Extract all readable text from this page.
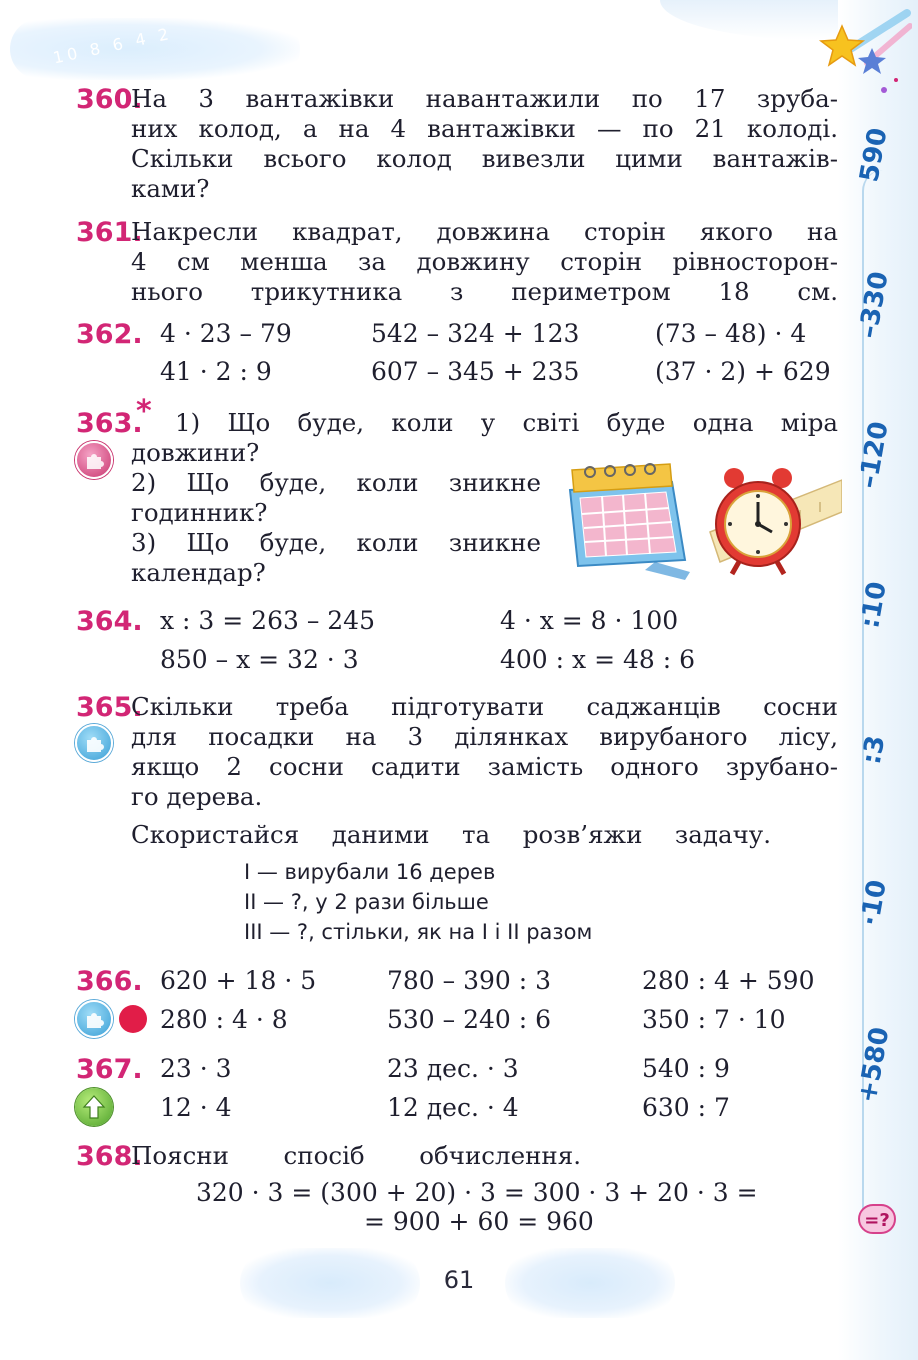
10 8 6 4 2
590
–330
–120
:10
:3
·10
+580
=?
360.
На 3 вантажівки навантажили по 17 зруба-
них колод, а на 4 вантажівки — по 21 колоді.
Скільки всього колод вивезли цими вантажів-
ками?
361.
Накресли квадрат, довжина сторін якого на
4 см менша за довжину сторін рівносторон-
нього трикутника з периметром 18 см.
362. 4 · 23 – 79	542 – 324 + 123	(73 – 48) · 4
41 · 2 : 9	607 – 345 + 235	(37 · 2) + 629
363.
* 1) Що буде, коли у світі буде одна міра
довжини?
2) Що буде, коли зникне
годинник?
3) Що буде, коли зникне
календар?
364. x : 3 = 263 – 245	4 · x = 8 · 100
850 – x = 32 · 3	400 : x = 48 : 6
365.
Скільки треба підготувати саджанців сосни
для посадки на 3 ділянках вирубаного лісу,
якщо 2 сосни садити замість одного зрубано-
го дерева.
Скористайся даними та розв’яжи задачу.
І — вирубали 16 дерев
ІІ — ?, у 2 рази більше
ІІІ — ?, стільки, як на І і ІІ разом
366. 620 + 18 · 5	780 – 390 : 3	280 : 4 + 590
280 : 4 · 8	530 – 240 : 6	350 : 7 · 10
367. 23 · 3	23 дес. · 3	540 : 9
12 · 4	12 дес. · 4	630 : 7
368.
Поясни спосіб обчислення.
320 · 3 = (300 + 20) · 3 = 300 · 3 + 20 · 3 =
= 900 + 60 = 960
61
